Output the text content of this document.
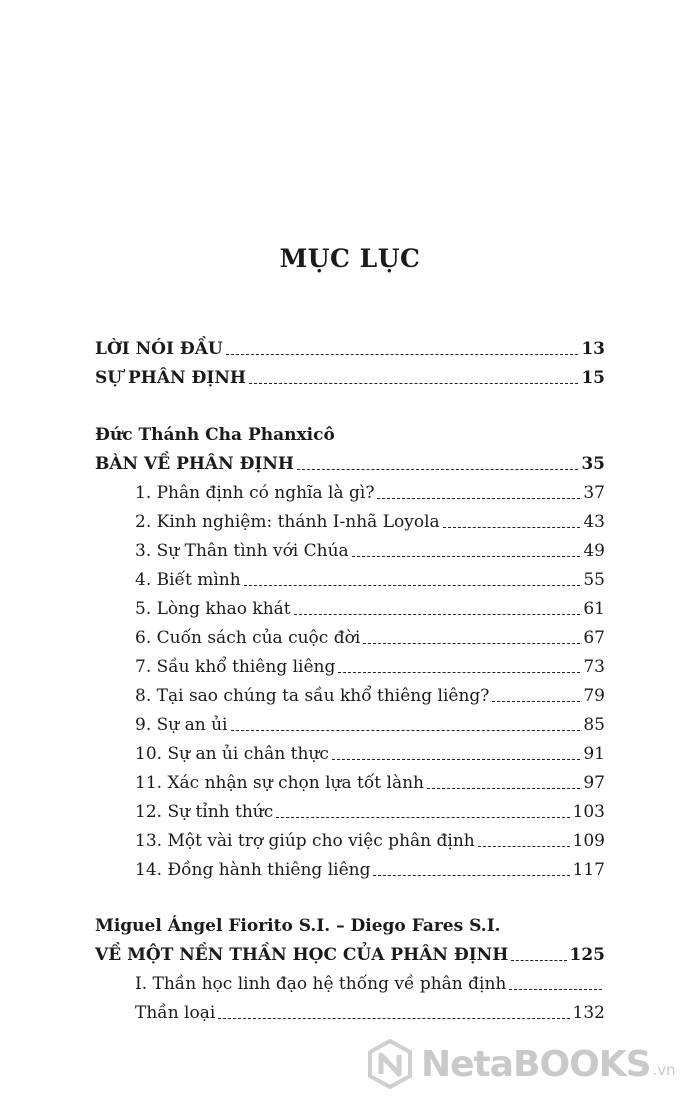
MỤC LỤC
LỜI NÓI ĐẦU	13
SỰ PHÂN ĐỊNH	15
Đức Thánh Cha Phanxicô
BÀN VỀ PHÂN ĐỊNH	35
1. Phân định có nghĩa là gì?	37
2. Kinh nghiệm: thánh I-nhã Loyola	43
3. Sự Thân tình với Chúa	49
4. Biết mình	55
5. Lòng khao khát	61
6. Cuốn sách của cuộc đời	67
7. Sầu khổ thiêng liêng	73
8. Tại sao chúng ta sầu khổ thiêng liêng?	79
9. Sự an ủi	85
10. Sự an ủi chân thực	91
11. Xác nhận sự chọn lựa tốt lành	97
12. Sự tỉnh thức	103
13. Một vài trợ giúp cho việc phân định	109
14. Đồng hành thiêng liêng	117
Miguel Ángel Fiorito S.I. – Diego Fares S.I.
VỀ MỘT NỀN THẦN HỌC CỦA PHÂN ĐỊNH	125
I. Thần học linh đạo hệ thống về phân định
Thần loại	132
NetaBOOKS .vn
